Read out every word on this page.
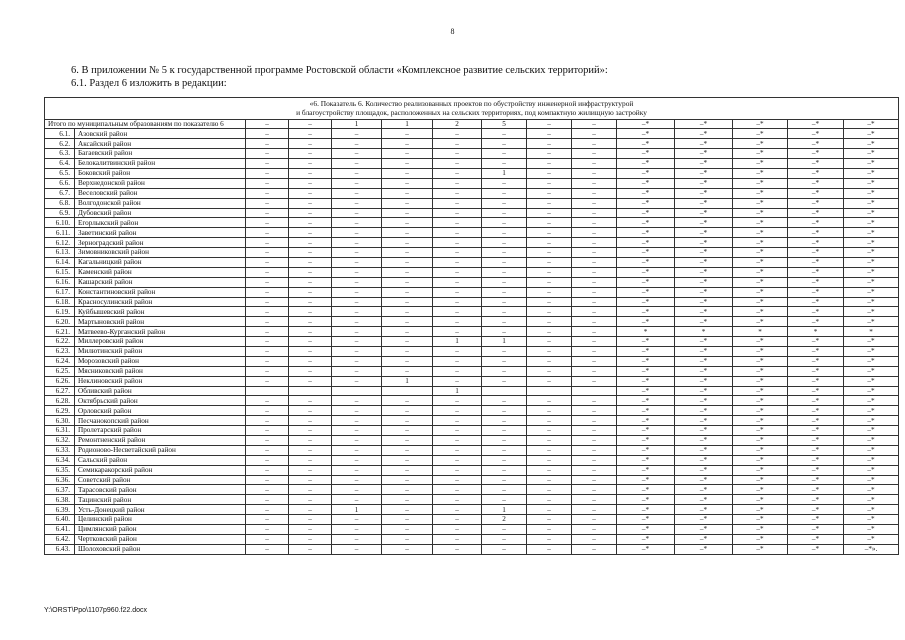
8
6. В приложении № 5 к государственной программе Ростовской области «Комплексное развитие сельских территорий»:
6.1. Раздел 6 изложить в редакции:
«6. Показатель 6. Количество реализованных проектов по обустройству инженерной инфраструктурой
и благоустройству площадок, расположенных на сельских территориях, под компактную жилищную застройку														

Итого по муниципальным образованиям по показателю 6		–	–	1	1	2	5	–	–	–*	–*	–*	–*	–*
6.1.	Азовский район	–	–	–	–	–	–	–	–	–*	–*	–*	–*	–*
6.2.	Аксайский район	–	–	–	–	–	–	–	–	–*	–*	–*	–*	–*
6.3.	Багаевский район	–	–	–	–	–	–	–	–	–*	–*	–*	–*	–*
6.4.	Белокалитвинский район	–	–	–	–	–	–	–	–	–*	–*	–*	–*	–*
6.5.	Боковский район	–	–	–	–	–	1	–	–	–*	–*	–*	–*	–*
6.6.	Верхнедонской район	–	–	–	–	–	–	–	–	–*	–*	–*	–*	–*
6.7.	Веселовский район	–	–	–	–	–	–	–	–	–*	–*	–*	–*	–*
6.8.	Волгодонской район	–	–	–	–	–	–	–	–	–*	–*	–*	–*	–*
6.9.	Дубовский район	–	–	–	–	–	–	–	–	–*	–*	–*	–*	–*
6.10.	Егорлыкский район	–	–	–	–	–	–	–	–	–*	–*	–*	–*	–*
6.11.	Заветинский район	–	–	–	–	–	–	–	–	–*	–*	–*	–*	–*
6.12.	Зерноградский район	–	–	–	–	–	–	–	–	–*	–*	–*	–*	–*
6.13.	Зимовниковский район	–	–	–	–	–	–	–	–	–*	–*	–*	–*	–*
6.14.	Кагальницкий район	–	–	–	–	–	–	–	–	–*	–*	–*	–*	–*
6.15.	Каменский район	–	–	–	–	–	–	–	–	–*	–*	–*	–*	–*
6.16.	Кашарский район	–	–	–	–	–	–	–	–	–*	–*	–*	–*	–*
6.17.	Константиновский район	–	–	–	–	–	–	–	–	–*	–*	–*	–*	–*
6.18.	Красносулинский район	–	–	–	–	–	–	–	–	–*	–*	–*	–*	–*
6.19.	Куйбышевский район	–	–	–	–	–	–	–	–	–*	–*	–*	–*	–*
6.20.	Мартыновский район	–	–	–	–	–	–	–	–	–*	–*	–*	–*	–*
6.21.	Матвеево-Курганский район	–	–	–	–	–	–	–	–	*	*	*	*	*
6.22.	Миллеровский район	–	–	–	–	1	1	–	–	–*	–*	–*	–*	–*
6.23.	Милютинский район	–	–	–	–	–	–	–	–	–*	–*	–*	–*	–*
6.24.	Морозовский район	–	–	–	–	–	–	–	–	–*	–*	–*	–*	–*
6.25.	Мясниковский район	–	–	–	–	–	–	–	–	–*	–*	–*	–*	–*
6.26.	Неклиновский район	–	–	–	1	–	–	–	–	–*	–*	–*	–*	–*
6.27.	Обливский район					1				–*	–*	–*	–*	–*
6.28.	Октябрьский район	–	–	–	–	–	–	–	–	–*	–*	–*	–*	–*
6.29.	Орловский район	–	–	–	–	–	–	–	–	–*	–*	–*	–*	–*
6.30.	Песчанокопский район	–	–	–	–	–	–	–	–	–*	–*	–*	–*	–*
6.31.	Пролетарский район	–	–	–	–	–	–	–	–	–*	–*	–*	–*	–*
6.32.	Ремонтненский район	–	–	–	–	–	–	–	–	–*	–*	–*	–*	–*
6.33.	Родионово-Несветайский район	–	–	–	–	–	–	–	–	–*	–*	–*	–*	–*
6.34.	Сальский район	–	–	–	–	–	–	–	–	–*	–*	–*	–*	–*
6.35.	Семикаракорский район	–	–	–	–	–	–	–	–	–*	–*	–*	–*	–*
6.36.	Советский район	–	–	–	–	–	–	–	–	–*	–*	–*	–*	–*
6.37.	Тарасовский район	–	–	–	–	–	–	–	–	–*	–*	–*	–*	–*
6.38.	Тацинский район	–	–	–	–	–	–	–	–	–*	–*	–*	–*	–*
6.39.	Усть-Донецкий район	–	–	1	–	–	1	–	–	–*	–*	–*	–*	–*
6.40.	Целинский район	–	–	–	–	–	2	–	–	–*	–*	–*	–*	–*
6.41.	Цимлянский район	–	–	–	–	–	–	–	–	–*	–*	–*	–*	–*
6.42.	Чертковский район	–	–	–	–	–	–	–	–	–*	–*	–*	–*	–*
6.43.	Шолоховский район	–	–	–	–	–	–	–	–	–*	–*	–*	–*	–*».
Y:\ORST\Ppo\1107p960.f22.docx
